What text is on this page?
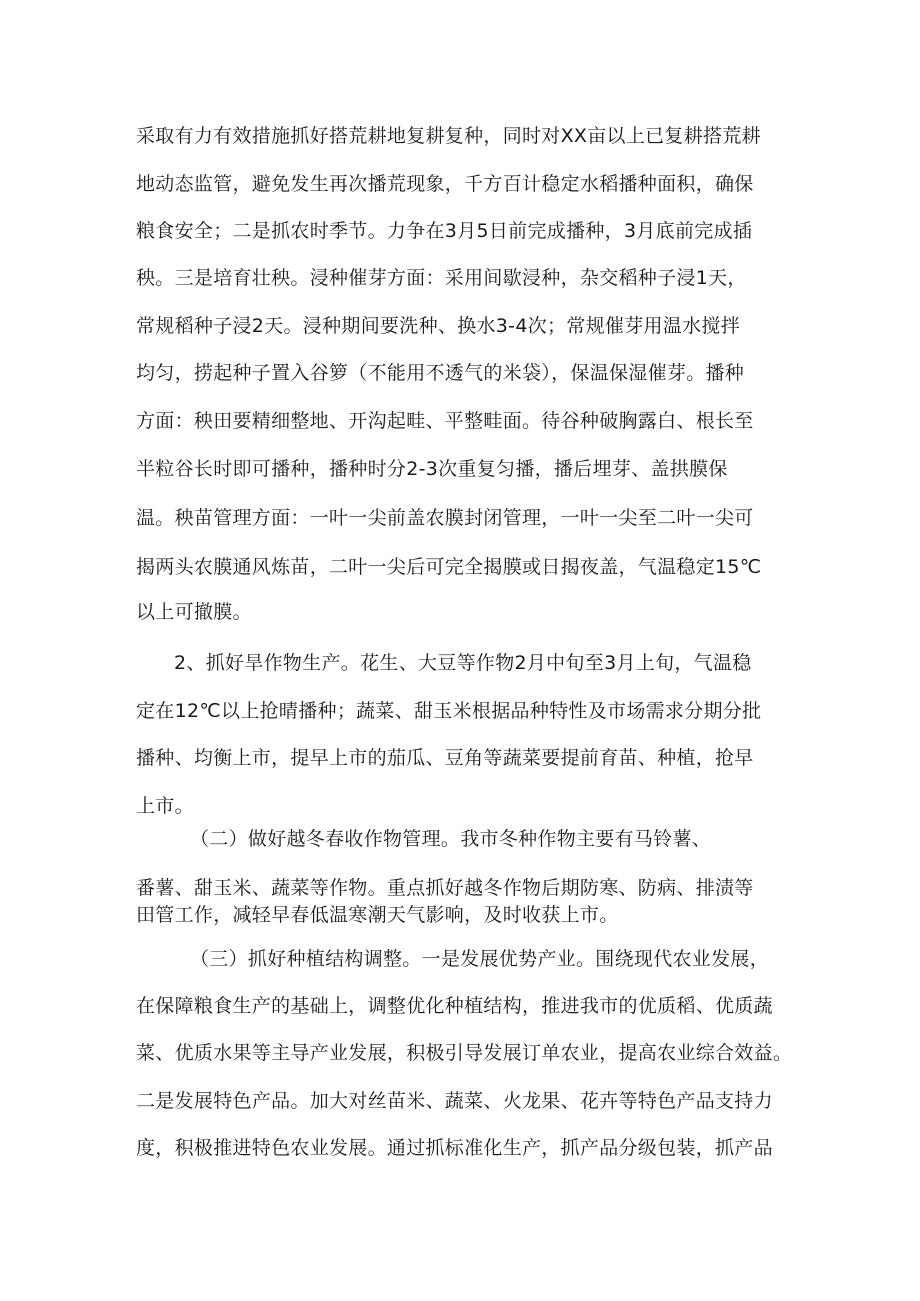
采取有力有效措施抓好搭荒耕地复耕复种，同时对XX亩以上已复耕搭荒耕
地动态监管，避免发生再次播荒现象，千方百计稳定水稻播种面积，确保
粮食安全；二是抓农时季节。力争在3月5日前完成播种，3月底前完成插
秧。三是培育壮秧。浸种催芽方面：采用间歇浸种，杂交稻种子浸1天，
常规稻种子浸2天。浸种期间要洗种、换水3-4次；常规催芽用温水搅拌
均匀，捞起种子置入谷箩（不能用不透气的米袋），保温保湿催芽。播种
方面：秧田要精细整地、开沟起畦、平整畦面。待谷种破胸露白、根长至
半粒谷长时即可播种，播种时分2-3次重复匀播，播后埋芽、盖拱膜保
温。秧苗管理方面：一叶一尖前盖农膜封闭管理，一叶一尖至二叶一尖可
揭两头农膜通风炼苗，二叶一尖后可完全揭膜或日揭夜盖，气温稳定15℃
以上可撤膜。
2、抓好旱作物生产。花生、大豆等作物2月中旬至3月上旬，气温稳
定在12℃以上抢晴播种；蔬菜、甜玉米根据品种特性及市场需求分期分批
播种、均衡上市，提早上市的茄瓜、豆角等蔬菜要提前育苗、种植，抢早
上市。
（二）做好越冬春收作物管理。我市冬种作物主要有马铃薯、
番薯、甜玉米、蔬菜等作物。重点抓好越冬作物后期防寒、防病、排渍等
田管工作，减轻早春低温寒潮天气影响，及时收获上市。
（三）抓好种植结构调整。一是发展优势产业。围绕现代农业发展，
在保障粮食生产的基础上，调整优化种植结构，推进我市的优质稻、优质蔬
菜、优质水果等主导产业发展，积极引导发展订单农业，提高农业综合效益。
二是发展特色产品。加大对丝苗米、蔬菜、火龙果、花卉等特色产品支持力
度，积极推进特色农业发展。通过抓标准化生产，抓产品分级包装，抓产品
